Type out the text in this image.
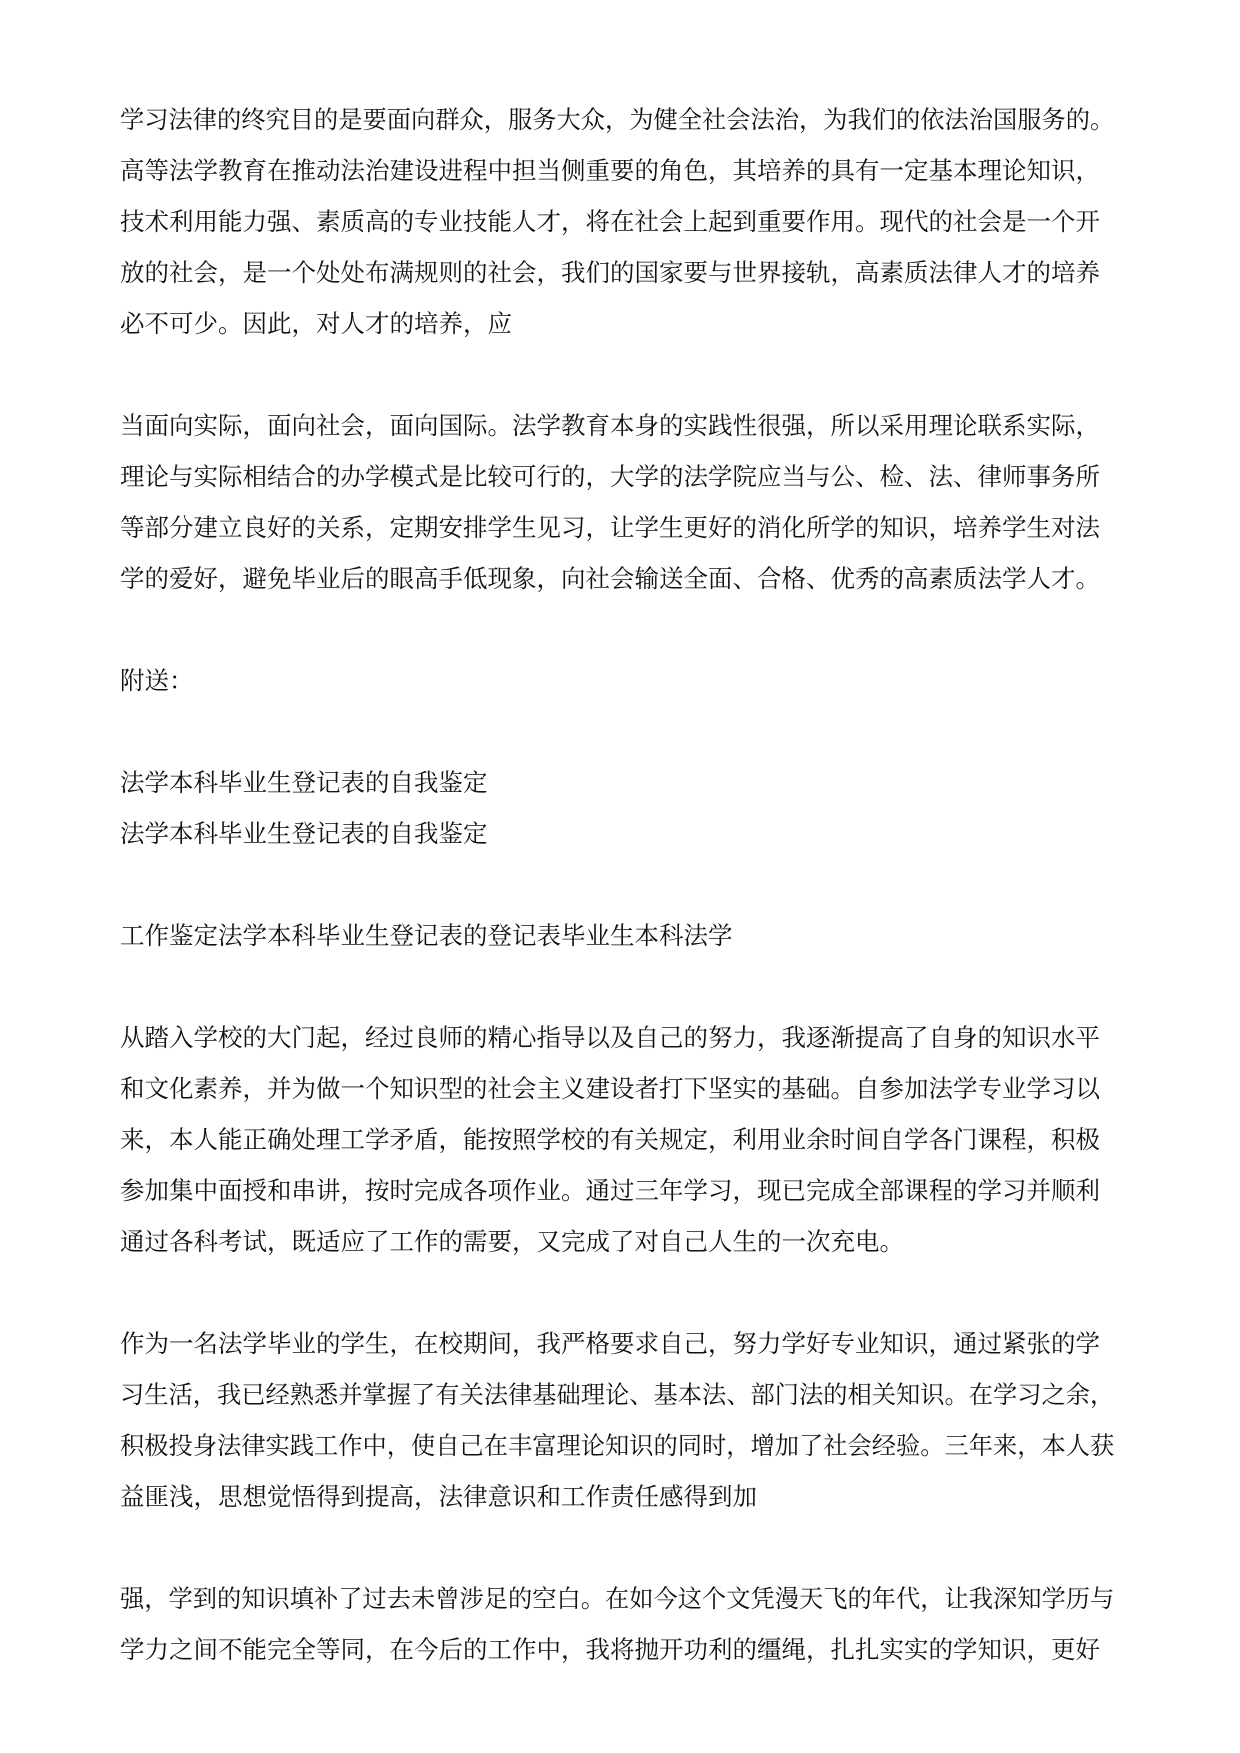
学习法律的终究目的是要面向群众，服务大众，为健全社会法治，为我们的依法治国服务的。
高等法学教育在推动法治建设进程中担当侧重要的角色，其培养的具有一定基本理论知识，
技术利用能力强、素质高的专业技能人才，将在社会上起到重要作用。现代的社会是一个开
放的社会，是一个处处布满规则的社会，我们的国家要与世界接轨，高素质法律人才的培养
必不可少。因此，对人才的培养，应
当面向实际，面向社会，面向国际。法学教育本身的实践性很强，所以采用理论联系实际，
理论与实际相结合的办学模式是比较可行的，大学的法学院应当与公、检、法、律师事务所
等部分建立良好的关系，定期安排学生见习，让学生更好的消化所学的知识，培养学生对法
学的爱好，避免毕业后的眼高手低现象，向社会输送全面、合格、优秀的高素质法学人才。
附送：
法学本科毕业生登记表的自我鉴定
法学本科毕业生登记表的自我鉴定
工作鉴定法学本科毕业生登记表的登记表毕业生本科法学
从踏入学校的大门起，经过良师的精心指导以及自己的努力，我逐渐提高了自身的知识水平
和文化素养，并为做一个知识型的社会主义建设者打下坚实的基础。自参加法学专业学习以
来，本人能正确处理工学矛盾，能按照学校的有关规定，利用业余时间自学各门课程，积极
参加集中面授和串讲，按时完成各项作业。通过三年学习，现已完成全部课程的学习并顺利
通过各科考试，既适应了工作的需要，又完成了对自己人生的一次充电。
作为一名法学毕业的学生，在校期间，我严格要求自己，努力学好专业知识，通过紧张的学
习生活，我已经熟悉并掌握了有关法律基础理论、基本法、部门法的相关知识。在学习之余，
积极投身法律实践工作中，使自己在丰富理论知识的同时，增加了社会经验。三年来，本人获
益匪浅，思想觉悟得到提高，法律意识和工作责任感得到加
强，学到的知识填补了过去未曾涉足的空白。在如今这个文凭漫天飞的年代，让我深知学历与
学力之间不能完全等同，在今后的工作中，我将抛开功利的缰绳，扎扎实实的学知识，更好
